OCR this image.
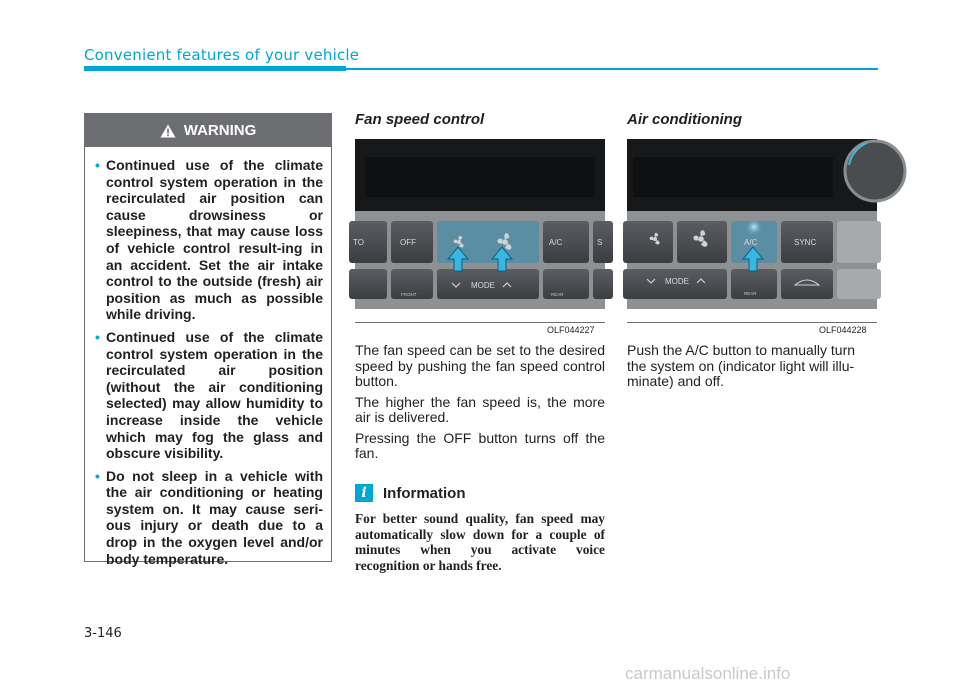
Convenient features of your vehicle
WARNING
• Continued use of the climate control system operation in the recirculated air position can cause drowsiness or sleepiness, that may cause loss of vehicle control result-ing in an accident. Set the air intake control to the outside (fresh) air position as much as possible while driving.
• Continued use of the climate control system operation in the recirculated air position (without the air conditioning selected) may allow humidity to increase inside the vehicle which may fog the glass and obscure visibility.
• Do not sleep in a vehicle with the air conditioning or heating system on. It may cause seri-ous injury or death due to a drop in the oxygen level and/or body temperature.
Fan speed control
TO	OFF	A/C	S
FRONT
MODE
REAR
OLF044227

The fan speed can be set to the desired speed by pushing the fan speed control button.

The higher the fan speed is, the more air is delivered.

Pressing the OFF button turns off the fan.

i	Information
For better sound quality, fan speed may automatically slow down for a couple of minutes when you activate voice recognition or hands free.
Air conditioning
A/C	SYNC
MODE
REAR
OLF044228
Push the A/C button to manually turn the system on (indicator light will illu-minate) and off.
3-146
carmanualsonline.info
